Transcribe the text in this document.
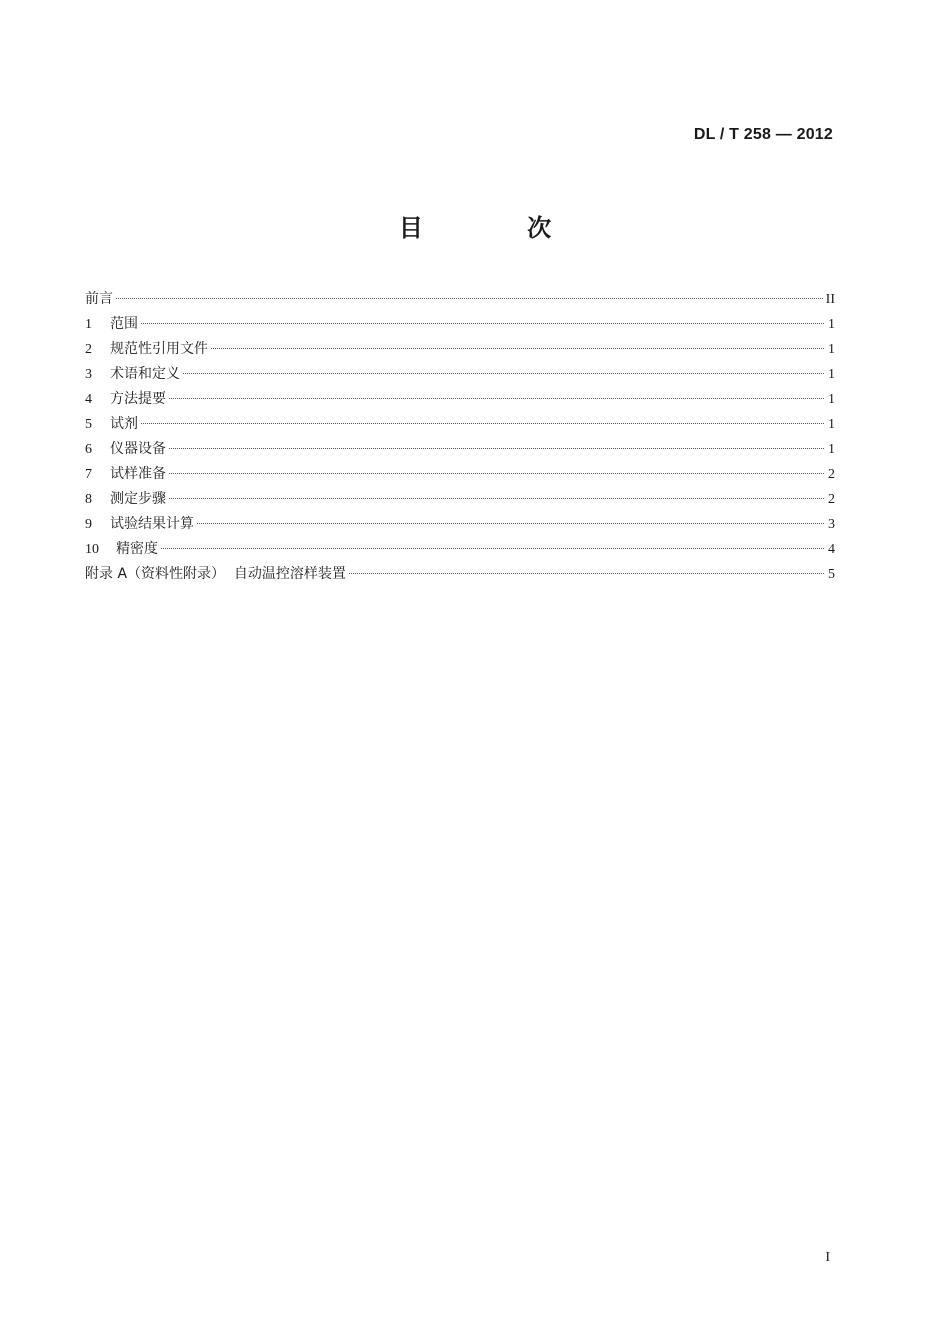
DL / T 258 — 2012
目 次
前言	II
1	范围	1
2	规范性引用文件	1
3	术语和定义	1
4	方法提要	1
5	试剂	1
6	仪器设备	1
7	试样准备	2
8	测定步骤	2
9	试验结果计算	3
10	精密度	4
附录 A（资料性附录）  自动温控溶样装置	5
I
